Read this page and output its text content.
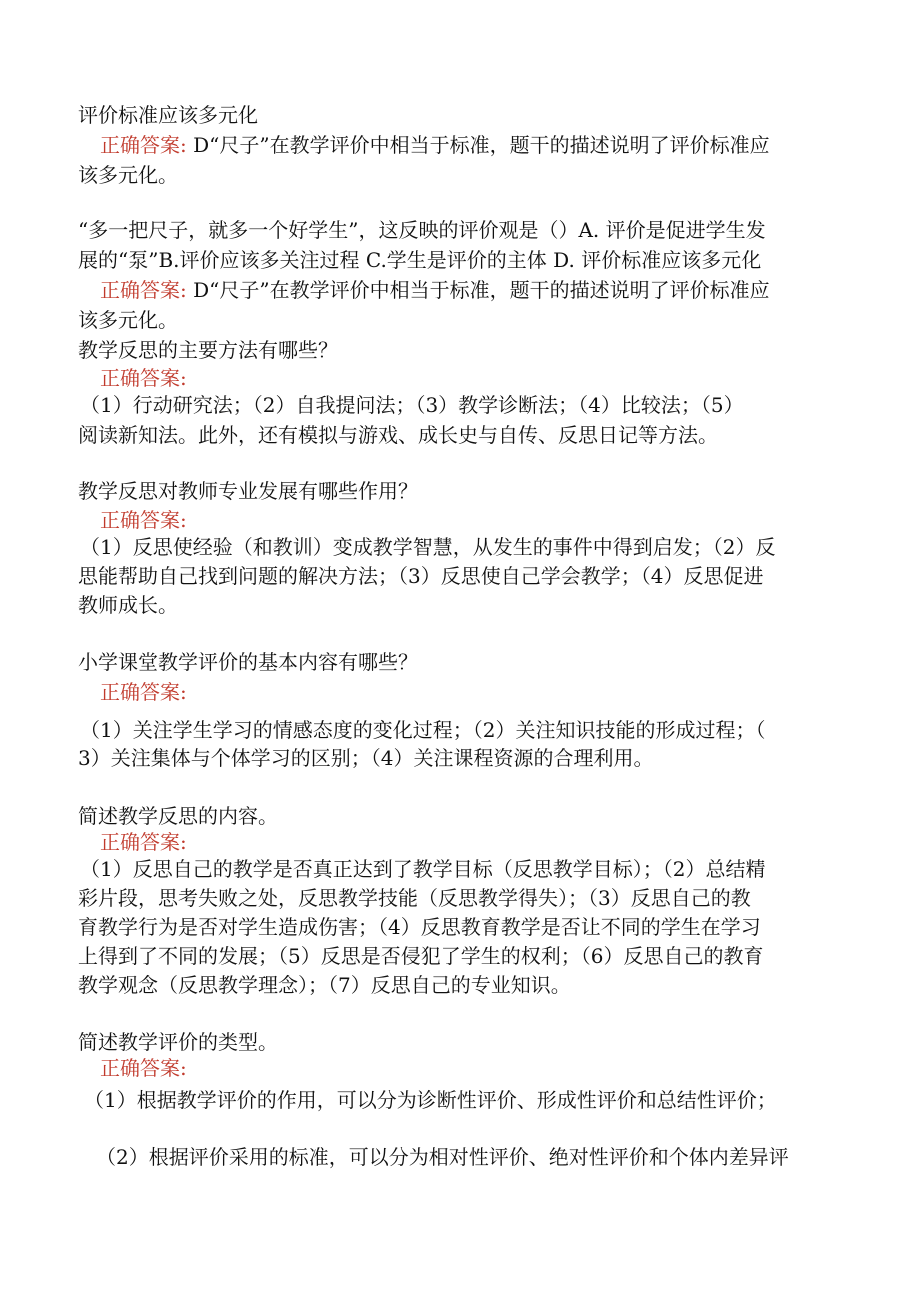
评价标准应该多元化
正确答案: D“尺子”在教学评价中相当于标准，题干的描述说明了评价标准应
该多元化。
“多一把尺子，就多一个好学生”，这反映的评价观是（）A. 评价是促进学生发
展的“泵”B.评价应该多关注过程 C.学生是评价的主体 D. 评价标准应该多元化
正确答案: D“尺子”在教学评价中相当于标准，题干的描述说明了评价标准应
该多元化。
教学反思的主要方法有哪些？
正确答案:
（1）行动研究法；（2）自我提问法；（3）教学诊断法；（4）比较法；（5）
阅读新知法。此外，还有模拟与游戏、成长史与自传、反思日记等方法。
教学反思对教师专业发展有哪些作用？
正确答案:
（1）反思使经验（和教训）变成教学智慧，从发生的事件中得到启发；（2）反
思能帮助自己找到问题的解决方法；（3）反思使自己学会教学；（4）反思促进
教师成长。
小学课堂教学评价的基本内容有哪些？
正确答案:
（1）关注学生学习的情感态度的变化过程；（2）关注知识技能的形成过程；（
3）关注集体与个体学习的区别；（4）关注课程资源的合理利用。
简述教学反思的内容。
正确答案:
（1）反思自己的教学是否真正达到了教学目标（反思教学目标）；（2）总结精
彩片段，思考失败之处，反思教学技能（反思教学得失）；（3）反思自己的教
育教学行为是否对学生造成伤害；（4）反思教育教学是否让不同的学生在学习
上得到了不同的发展；（5）反思是否侵犯了学生的权利；（6）反思自己的教育
教学观念（反思教学理念）；（7）反思自己的专业知识。
简述教学评价的类型。
正确答案:
（1）根据教学评价的作用，可以分为诊断性评价、形成性评价和总结性评价；
（2）根据评价采用的标准，可以分为相对性评价、绝对性评价和个体内差异评
